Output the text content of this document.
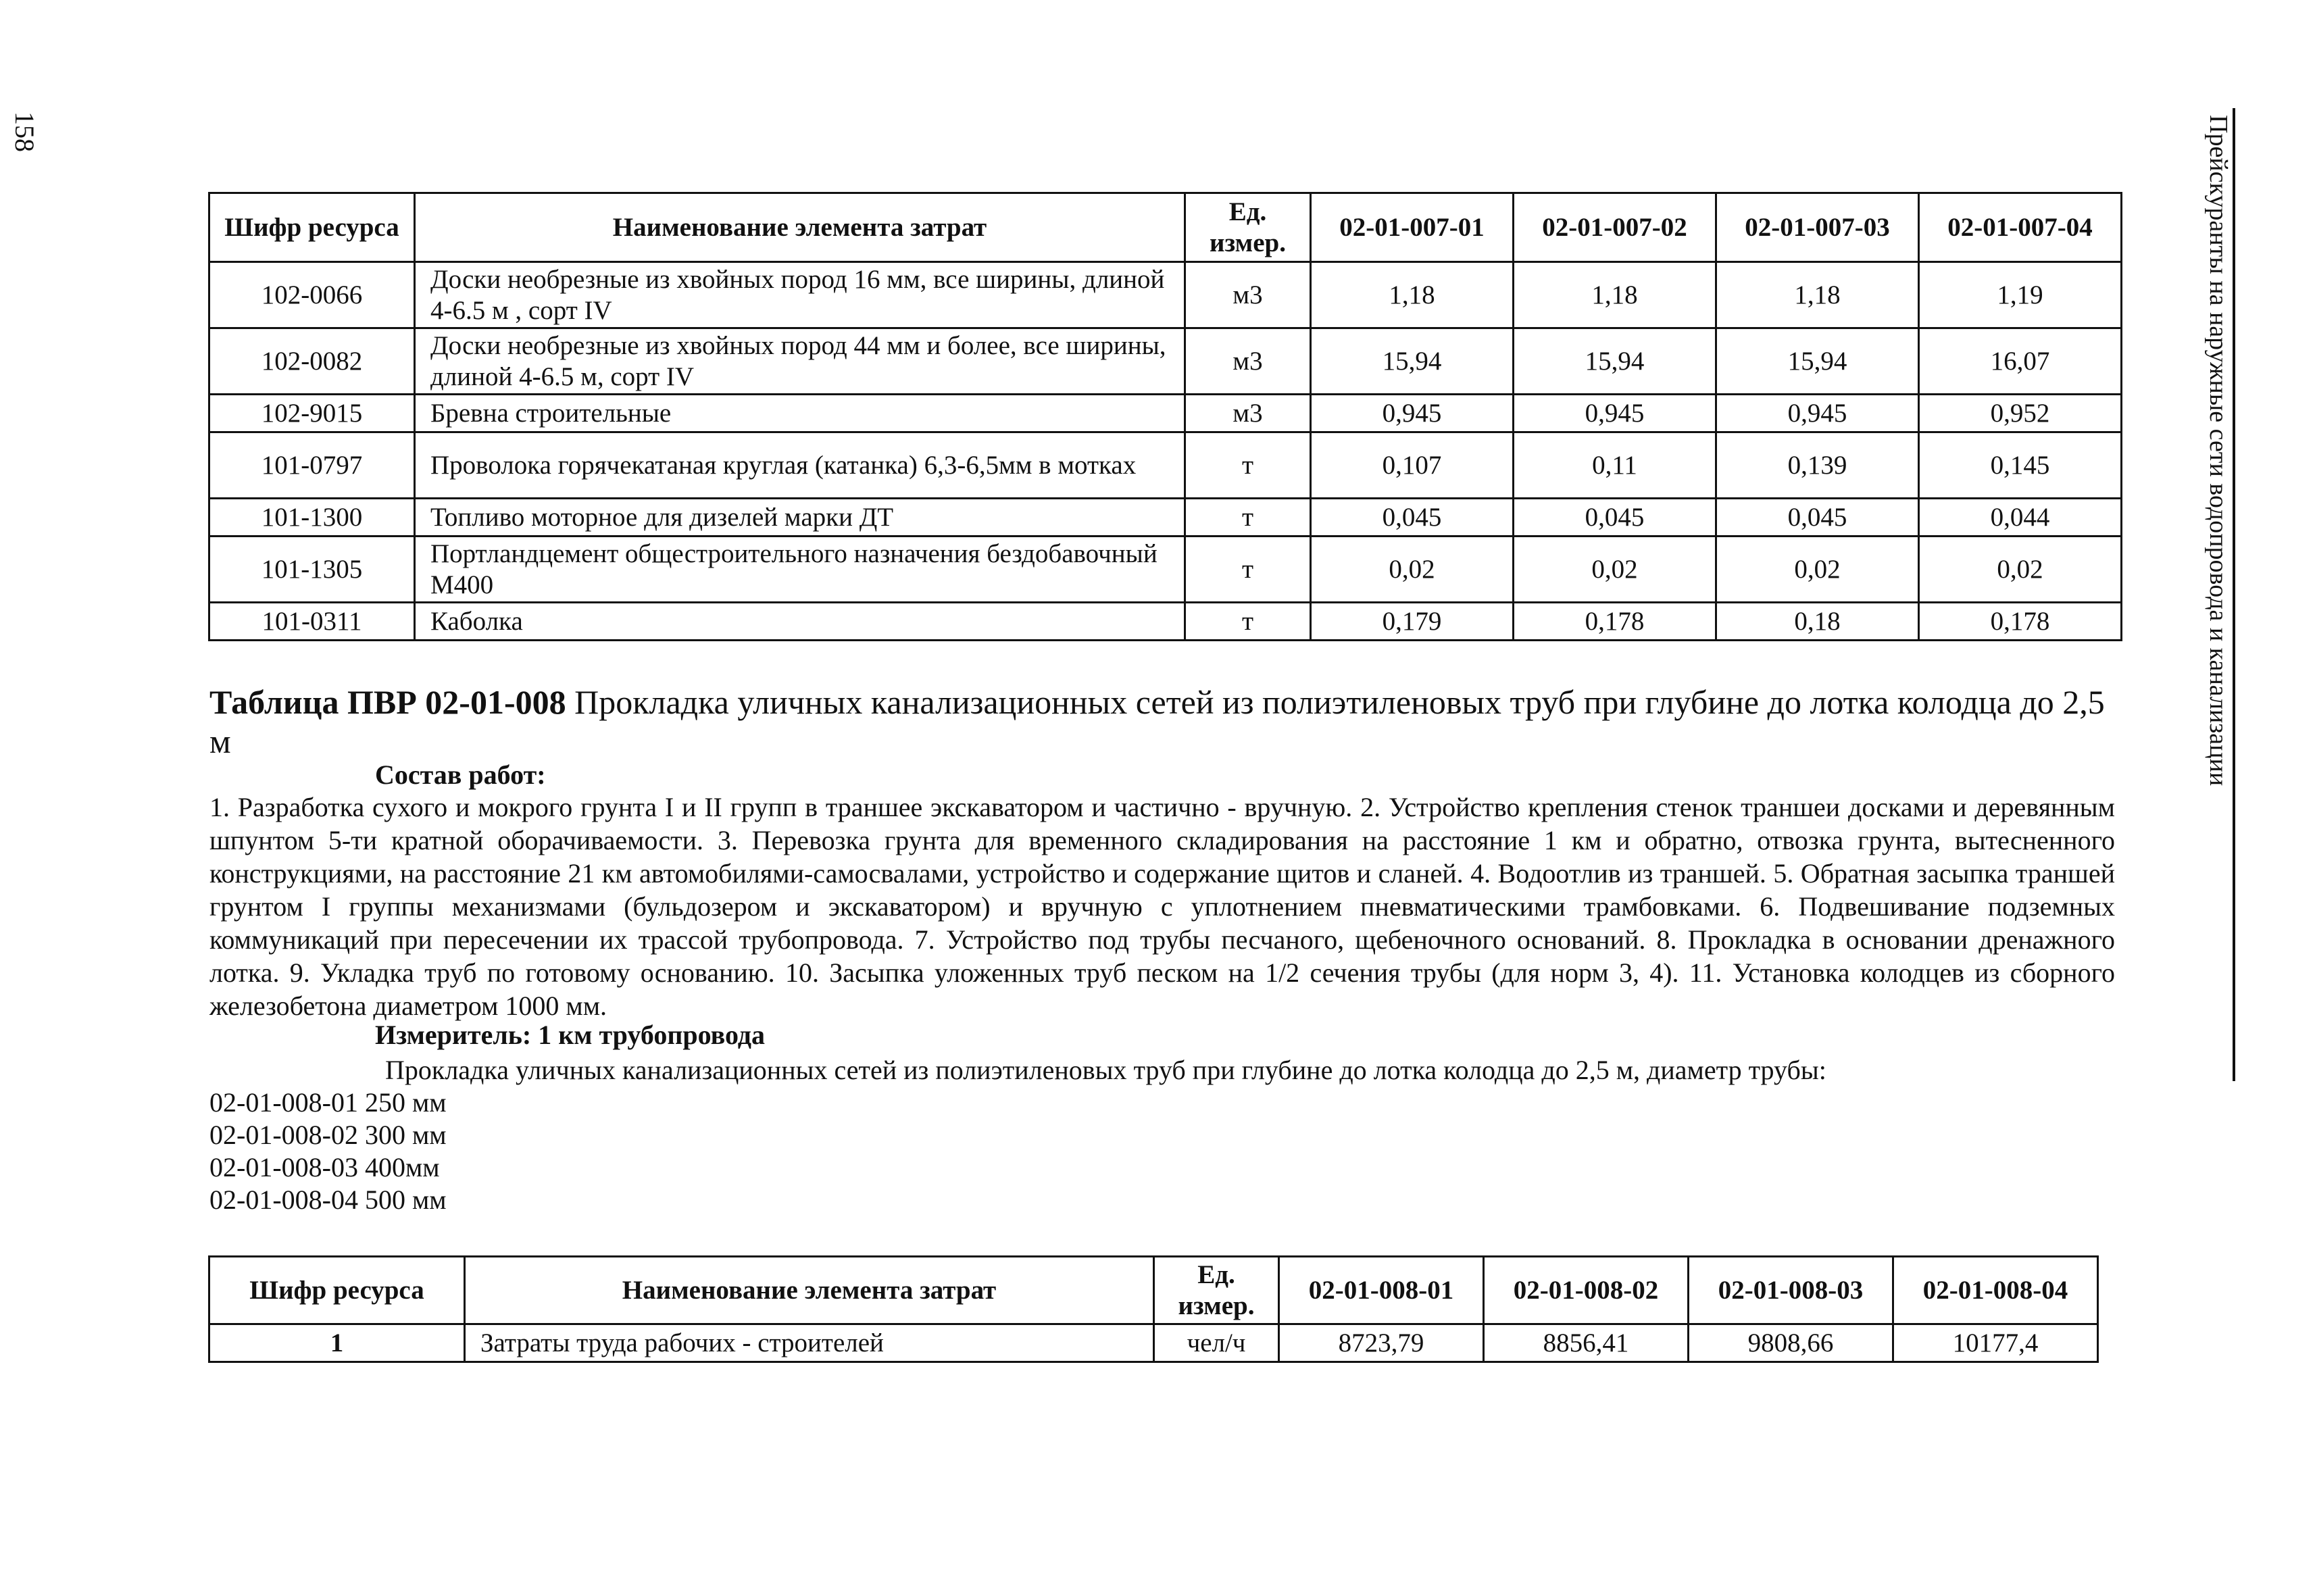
158	Прейскуранты на наружные сети водопровода и канализации
Шифр ресурса	Наименование элемента затрат	Ед. измер.	02-01-007-01	02-01-007-02	02-01-007-03	02-01-007-04
102-0066	Доски необрезные из хвойных пород 16 мм, все ширины, длиной 4-6.5 м , сорт IV	м3	1,18	1,18	1,18	1,19
102-0082	Доски необрезные из хвойных пород 44 мм и более, все ширины, длиной 4-6.5 м, сорт IV	м3	15,94	15,94	15,94	16,07
102-9015	Бревна строительные	м3	0,945	0,945	0,945	0,952
101-0797	Проволока горячекатаная круглая (катанка) 6,3-6,5мм в мотках	т	0,107	0,11	0,139	0,145
101-1300	Топливо моторное для дизелей марки ДТ	т	0,045	0,045	0,045	0,044
101-1305	Портландцемент общестроительного назначения бездобавочный М400	т	0,02	0,02	0,02	0,02
101-0311	Каболка	т	0,179	0,178	0,18	0,178
Таблица ПВР 02-01-008 Прокладка уличных канализационных сетей из полиэтиленовых труб при глубине до лотка колодца до 2,5 м
Состав работ:
1. Разработка сухого и мокрого грунта I и II групп в траншее экскаватором и частично - вручную. 2. Устройство крепления стенок траншеи досками и деревянным шпунтом 5-ти кратной оборачиваемости. 3. Перевозка грунта для временного складирования на расстояние 1 км и обратно, отвозка грунта, вытесненного конструкциями, на расстояние 21 км автомобилями-самосвалами, устройство и содержание щитов и сланей. 4. Водоотлив из траншей. 5. Обратная засыпка траншей грунтом I группы механизмами (бульдозером и экскаватором) и вручную с уплотнением пневматическими трамбовками. 6. Подвешивание подземных коммуникаций при пересечении их трассой трубопровода. 7. Устройство под трубы песчаного, щебеночного оснований. 8. Прокладка в основании дренажного лотка. 9. Укладка труб по готовому основанию. 10. Засыпка уложенных труб песком на 1/2 сечения трубы (для норм 3, 4). 11. Установка колодцев из сборного железобетона диаметром 1000 мм.
Измеритель: 1 км трубопровода
Прокладка уличных канализационных сетей из полиэтиленовых труб при глубине до лотка колодца до 2,5 м, диаметр трубы:
02-01-008-01 250 мм
02-01-008-02 300 мм
02-01-008-03 400мм
02-01-008-04 500 мм
Шифр ресурса	Наименование элемента затрат	Ед. измер.	02-01-008-01	02-01-008-02	02-01-008-03	02-01-008-04
1	Затраты труда рабочих - строителей	чел/ч	8723,79	8856,41	9808,66	10177,4
